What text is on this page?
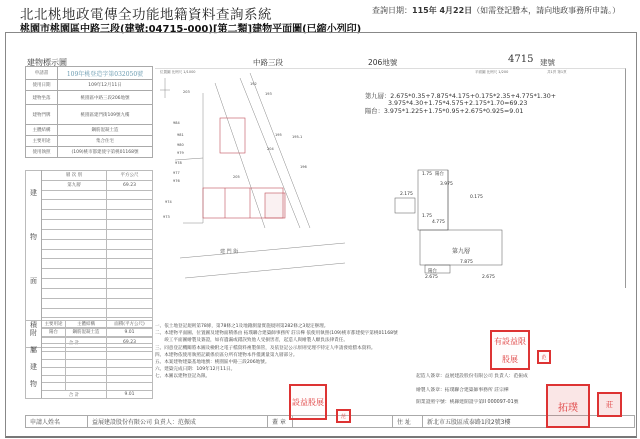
北北桃地政電傳全功能地籍資料查詢系統	查詢日期：115年 4月22日（如需登記謄本，請向地政事務所申請。）
桃園市桃園區中路三段(建號:04715-000)[第二類]建物平面圖(已縮小列印)
建物標示圖	中路三段	206地號	4715 建號
位置圖 比例尺 1/1000	平面圖 比例尺 1/200	共1頁 第1頁
申請書	109年桃登造字第032050號
使用日期	109年12月11日
建物坐落	桃園區中路三段206地號
建物門牌	桃園區建門街109號九樓
主體結構	鋼筋混凝土造
主要用途	集合住宅
使用執照	(109)桃市都建使字第桃01168號
建
物
面
積	層 次 別	平方公尺
	第九層	69.23

	合 計	69.23
附
屬
建
物	主要用途	主體結構	面積(平方公尺)
	陽台	鋼筋混凝土造	9.01

	合 計		9.01
申請人姓名	益展建設股份有限公司 負責人：范振成	蓋 章	住 址	新北市五股區成泰路1段2號3樓
203
192
193
984
195
981
980
979
978
977
976
195-1
204
205
196
974
973
建 門 街
第九層：2.675*0.35+7.875*4.175+0.175*2.35+4.775*1.30+
3.975*4.30+1.75*4.575+2.175*1.70=69.23
陽台：3.975*1.225+1.75*0.95+2.675*0.925=9.01
第九層
陽台
陽台
1.75
3.975
2.175
1.75
0.175
4.775
7.875
2.675	2.675
一、依土地登記規則第78條，第78條之1及地籍測量實施規則第282條之3規定辦理。
二、本建物平面圖、位置圖及建物面積係由 拓璞聯合建築師事務所 莊宗樺 依使用執照(109)桃市都建使字第桃01168號
　　竣工平面圖繪製及簽證，如有遺漏或錯誤致他人受損害者，起造人與繪製人願負法律責任。
三、同意登記機關將本圖及檢附之電子檔資料複製保管，及依登記公示原則受理不特定人申請發給謄本資料。
四、本建物依使用執照記載係於區分所有建物本件僅測量第九層部分。
五、本案建物建築基地地號：桃園區中路三段206地號。
六、建築完成日期：109年12月11日。
七、本圖以建物登記為限。	起造人簽章：益展建設股份有限公司 負責人：范振成
繪製人簽章：拓璞聯合建築師事務所 莊宗樺
開業證照字號：桃縣建開證字第II 000097-01號
設 益 股 展
有 設 益 限
股 展
范
范
拓 璞	莊
